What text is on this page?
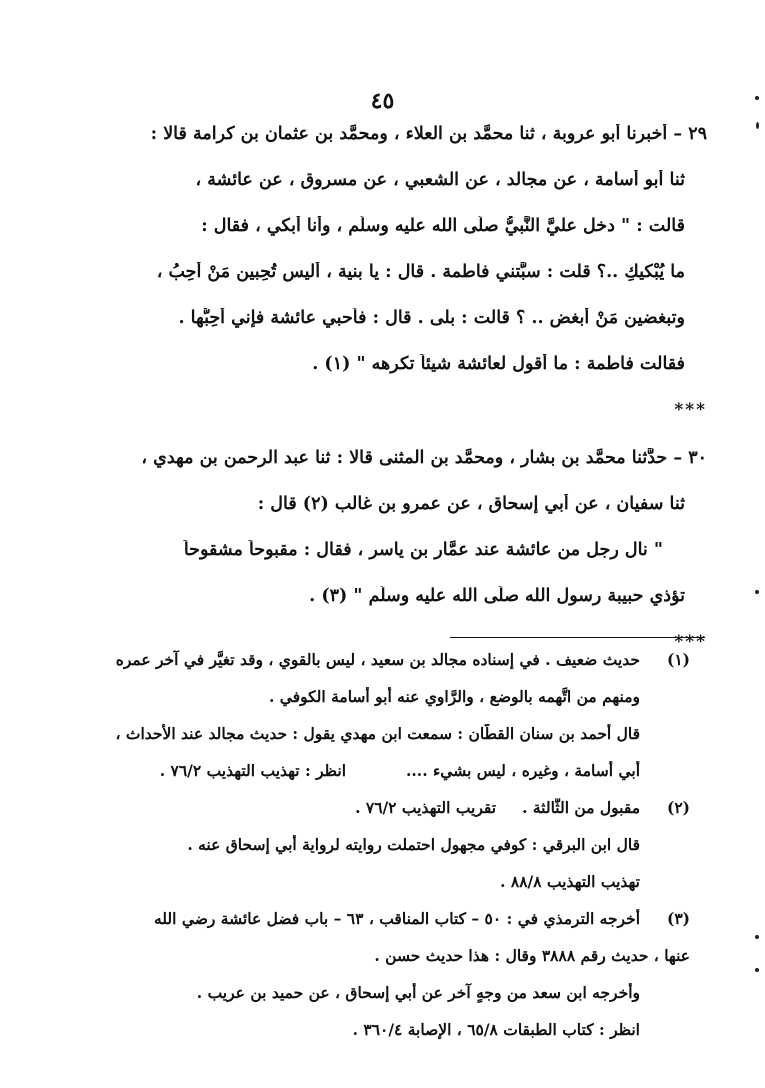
٤٥
٢٩ – أخبرنا أبو عروبة ، ثنا محمَّد بن العلاء ، ومحمَّد بن عثمان بن كرامة قالا :
ثنا أبو أسامة ، عن مجالد ، عن الشعبي ، عن مسروق ، عن عائشة ،
قالت : " دخل عليَّ النَّبيُّ صلَّى الله عليه وسلَّم ، وأنا أبكي ، فقال :
ما يُبْكيكِ ..؟ قلت : سبَّتني فاطمة . قال : يا بنية ، أليس تُحِبين مَنْ أُحِبُ ،
وتبغضين مَنْ أبغض .. ؟ قالت : بلى . قال : فأحبي عائشة فإني أُحِبُّها .
فقالت فاطمة : ما أقول لعائشة شيئاً تكرهه " (١) .
***
٣٠ – حدَّثنا محمَّد بن بشار ، ومحمَّد بن المثنى قالا : ثنا عبد الرحمن بن مهدي ،
ثنا سفيان ، عن أبي إسحاق ، عن عمرو بن غالب (٢) قال :
" نال رجل من عائشة عند عمَّار بن ياسر ، فقال : مقبوحاً مشقوحاً
تؤذي حبيبة رسول الله صلَّى الله عليه وسلَّم " (٣) .
***
(١)
حديث ضعيف . في إسناده مجالد بن سعيد ، ليس بالقوي ، وقد تغيَّر في آخر عمره
ومنهم من اتَّهمه بالوضع ، والرَّاوي عنه أبو أسامة الكوفي .
قال أحمد بن سنان القطَّان : سمعت ابن مهدي يقول : حديث مجالد عند الأحداث ،
أبي أسامة ، وغيره ، ليس بشيء ....انظر : تهذيب التهذيب ٧٦/٢ .
(٢)
مقبول من الثَّالثة .تقريب التهذيب ٧٦/٢ .
قال ابن البرقي : كوفي مجهول احتملت روايته لرواية أبي إسحاق عنه .
تهذيب التهذيب ٨٨/٨ .
(٣)
أخرجه الترمذي في : ٥٠ – كتاب المناقب ، ٦٣ – باب فضل عائشة رضي الله
عنها ، حديث رقم ٣٨٨٨ وقال : هذا حديث حسن .
وأخرجه ابن سعد من وجهٍ آخر عن أبي إسحاق ، عن حميد بن عريب .
انظر : كتاب الطبقات ٦٥/٨ ، الإصابة ٣٦٠/٤ .
